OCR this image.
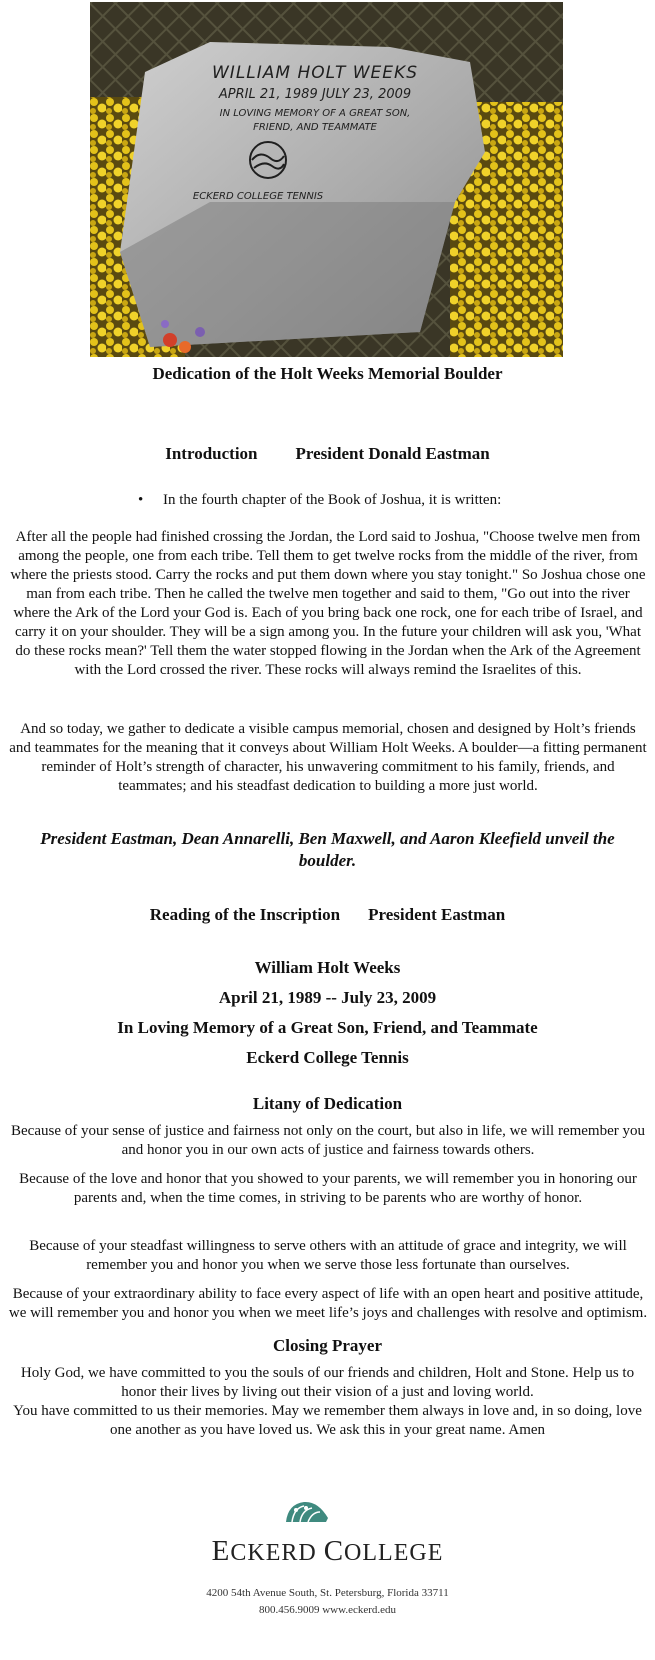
WILLIAM HOLT WEEKS
APRIL 21, 1989 JULY 23, 2009
IN LOVING MEMORY OF A GREAT SON,
FRIEND, AND TEAMMATE
ECKERD COLLEGE TENNIS
Dedication of the Holt Weeks Memorial Boulder
Introduction President Donald Eastman
• In the fourth chapter of the Book of Joshua, it is written:
After all the people had finished crossing the Jordan, the Lord said to Joshua, "Choose twelve men from among the people, one from each tribe. Tell them to get twelve rocks from the middle of the river, from where the priests stood. Carry the rocks and put them down where you stay tonight." So Joshua chose one man from each tribe. Then he called the twelve men together and said to them, "Go out into the river where the Ark of the Lord your God is. Each of you bring back one rock, one for each tribe of Israel, and carry it on your shoulder. They will be a sign among you. In the future your children will ask you, 'What do these rocks mean?' Tell them the water stopped flowing in the Jordan when the Ark of the Agreement with the Lord crossed the river. These rocks will always remind the Israelites of this.
And so today, we gather to dedicate a visible campus memorial, chosen and designed by Holt’s friends and teammates for the meaning that it conveys about William Holt Weeks. A boulder—a fitting permanent reminder of Holt’s strength of character, his unwavering commitment to his family, friends, and teammates; and his steadfast dedication to building a more just world.
President Eastman, Dean Annarelli, Ben Maxwell, and Aaron Kleefield unveil the boulder.
Reading of the Inscription President Eastman
William Holt Weeks
April 21, 1989 -- July 23, 2009
In Loving Memory of a Great Son, Friend, and Teammate
Eckerd College Tennis
Litany of Dedication
Because of your sense of justice and fairness not only on the court, but also in life, we will remember you and honor you in our own acts of justice and fairness towards others.
Because of the love and honor that you showed to your parents, we will remember you in honoring our parents and, when the time comes, in striving to be parents who are worthy of honor.
Because of your steadfast willingness to serve others with an attitude of grace and integrity, we will remember you and honor you when we serve those less fortunate than ourselves.
Because of your extraordinary ability to face every aspect of life with an open heart and positive attitude, we will remember you and honor you when we meet life’s joys and challenges with resolve and optimism.
Closing Prayer
Holy God, we have committed to you the souls of our friends and children, Holt and Stone. Help us to honor their lives by living out their vision of a just and loving world.
You have committed to us their memories. May we remember them always in love and, in so doing, love one another as you have loved us. We ask this in your great name. Amen
ECKERD COLLEGE
4200 54th Avenue South, St. Petersburg, Florida 33711
800.456.9009 www.eckerd.edu
